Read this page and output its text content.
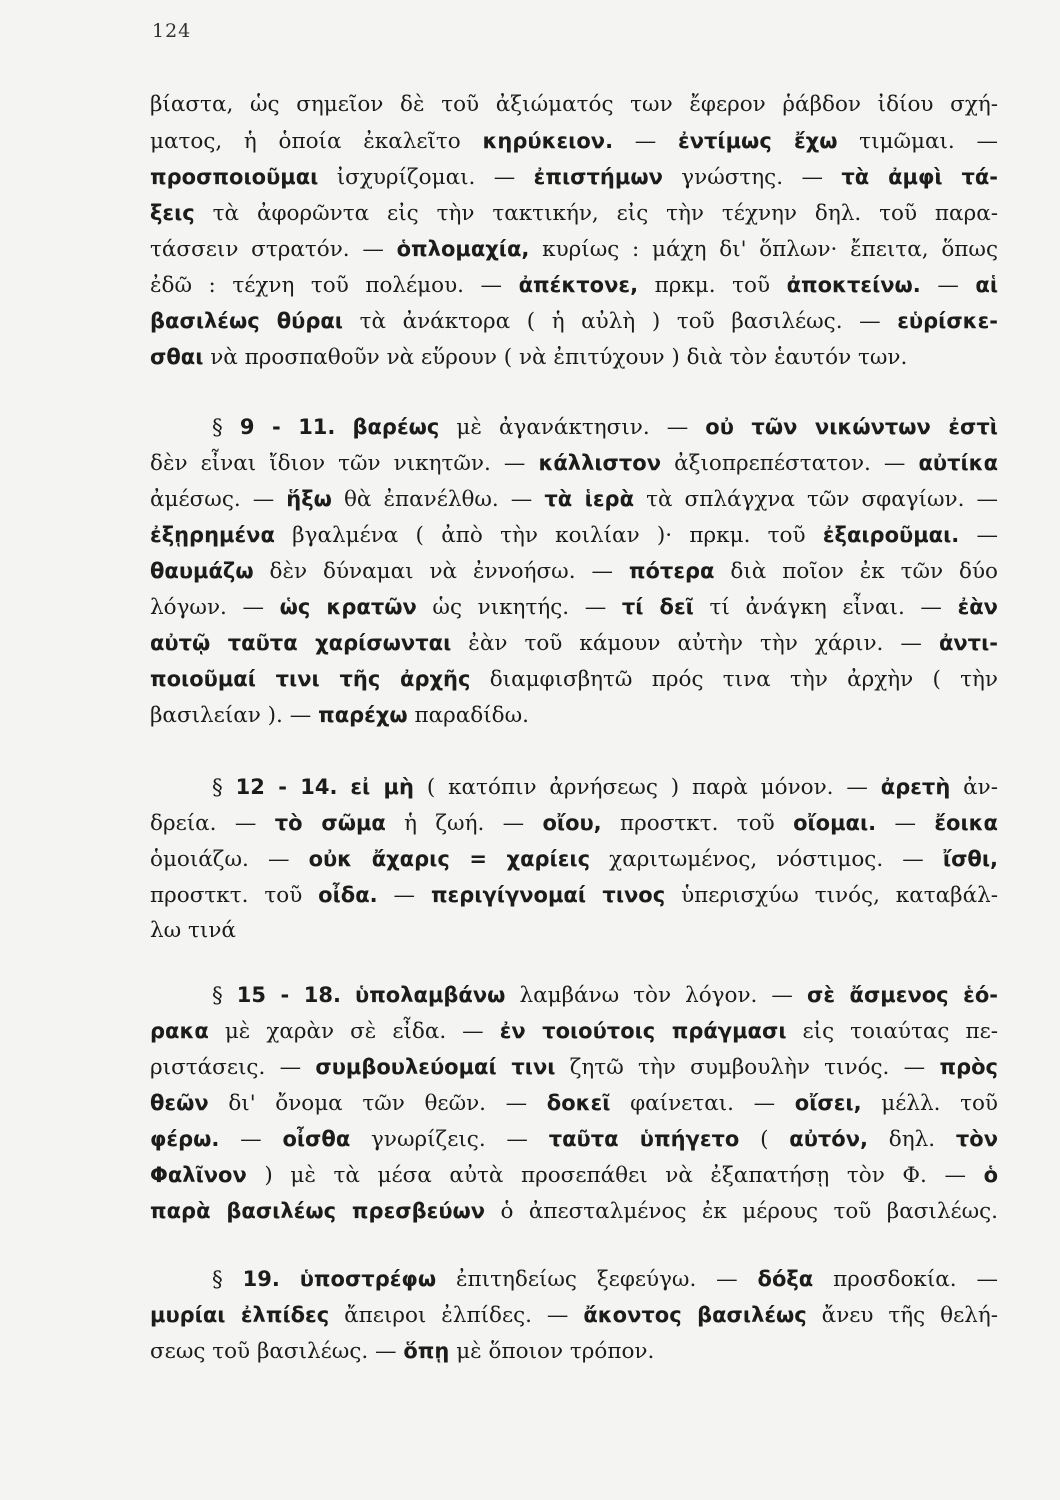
124
βίαστα, ὡς σημεῖον δὲ τοῦ ἀξιώματός των ἔφερον ῥάβδον ἰδίου σχή-
ματος, ἡ ὁποία ἐκαλεῖτο κηρύκειον. — ἐντίμως ἔχω τιμῶμαι. —
προσποιοῦμαι ἰσχυρίζομαι. — ἐπιστήμων γνώστης. — τὰ ἀμφὶ τά-
ξεις τὰ ἀφορῶντα εἰς τὴν τακτικήν, εἰς τὴν τέχνην δηλ. τοῦ παρα-
τάσσειν στρατόν. — ὁπλομαχία, κυρίως : μάχη δι' ὅπλων· ἔπειτα, ὅπως
ἐδῶ : τέχνη τοῦ πολέμου. — ἀπέκτονε, πρκμ. τοῦ ἀποκτείνω. — αἱ
βασιλέως θύραι τὰ ἀνάκτορα ( ἡ αὐλὴ ) τοῦ βασιλέως. — εὑρίσκε-
σθαι νὰ προσπαθοῦν νὰ εὕρουν ( νὰ ἐπιτύχουν ) διὰ τὸν ἑαυτόν των.
§ 9 - 11. βαρέως μὲ ἀγανάκτησιν. — οὐ τῶν νικώντων ἐστὶ
δὲν εἶναι ἴδιον τῶν νικητῶν. — κάλλιστον ἀξιοπρεπέστατον. — αὐτίκα
ἀμέσως. — ἥξω θὰ ἐπανέλθω. — τὰ ἱερὰ τὰ σπλάγχνα τῶν σφαγίων. —
ἐξῃρημένα βγαλμένα ( ἀπὸ τὴν κοιλίαν )· πρκμ. τοῦ ἐξαιροῦμαι. —
θαυμάζω δὲν δύναμαι νὰ ἐννοήσω. — πότερα διὰ ποῖον ἐκ τῶν δύο
λόγων. — ὡς κρατῶν ὡς νικητής. — τί δεῖ τί ἀνάγκη εἶναι. — ἐὰν
αὐτῷ ταῦτα χαρίσωνται ἐὰν τοῦ κάμουν αὐτὴν τὴν χάριν. — ἀντι-
ποιοῦμαί τινι τῆς ἀρχῆς διαμφισβητῶ πρός τινα τὴν ἀρχὴν ( τὴν
βασιλείαν ). — παρέχω παραδίδω.
§ 12 - 14. εἰ μὴ ( κατόπιν ἀρνήσεως ) παρὰ μόνον. — ἀρετὴ ἀν-
δρεία. — τὸ σῶμα ἡ ζωή. — οἴου, προστκτ. τοῦ οἴομαι. — ἔοικα
ὁμοιάζω. — οὐκ ἄχαρις = χαρίεις χαριτωμένος, νόστιμος. — ἴσθι,
προστκτ. τοῦ οἶδα. — περιγίγνομαί τινος ὑπερισχύω τινός, καταβάλ-
λω τινά
§ 15 - 18. ὑπολαμβάνω λαμβάνω τὸν λόγον. — σὲ ἄσμενος ἑό-
ρακα μὲ χαρὰν σὲ εἶδα. — ἐν τοιούτοις πράγμασι εἰς τοιαύτας πε-
ριστάσεις. — συμβουλεύομαί τινι ζητῶ τὴν συμβουλὴν τινός. — πρὸς
θεῶν δι' ὄνομα τῶν θεῶν. — δοκεῖ φαίνεται. — οἴσει, μέλλ. τοῦ
φέρω. — οἶσθα γνωρίζεις. — ταῦτα ὑπήγετο ( αὐτόν, δηλ. τὸν
Φαλῖνον ) μὲ τὰ μέσα αὐτὰ προσεπάθει νὰ ἐξαπατήσῃ τὸν Φ. — ὁ
παρὰ βασιλέως πρεσβεύων ὁ ἀπεσταλμένος ἐκ μέρους τοῦ βασιλέως.
§ 19. ὑποστρέφω ἐπιτηδείως ξεφεύγω. — δόξα προσδοκία. —
μυρίαι ἐλπίδες ἄπειροι ἐλπίδες. — ἄκοντος βασιλέως ἄνευ τῆς θελή-
σεως τοῦ βασιλέως. — ὅπῃ μὲ ὅποιον τρόπον.
